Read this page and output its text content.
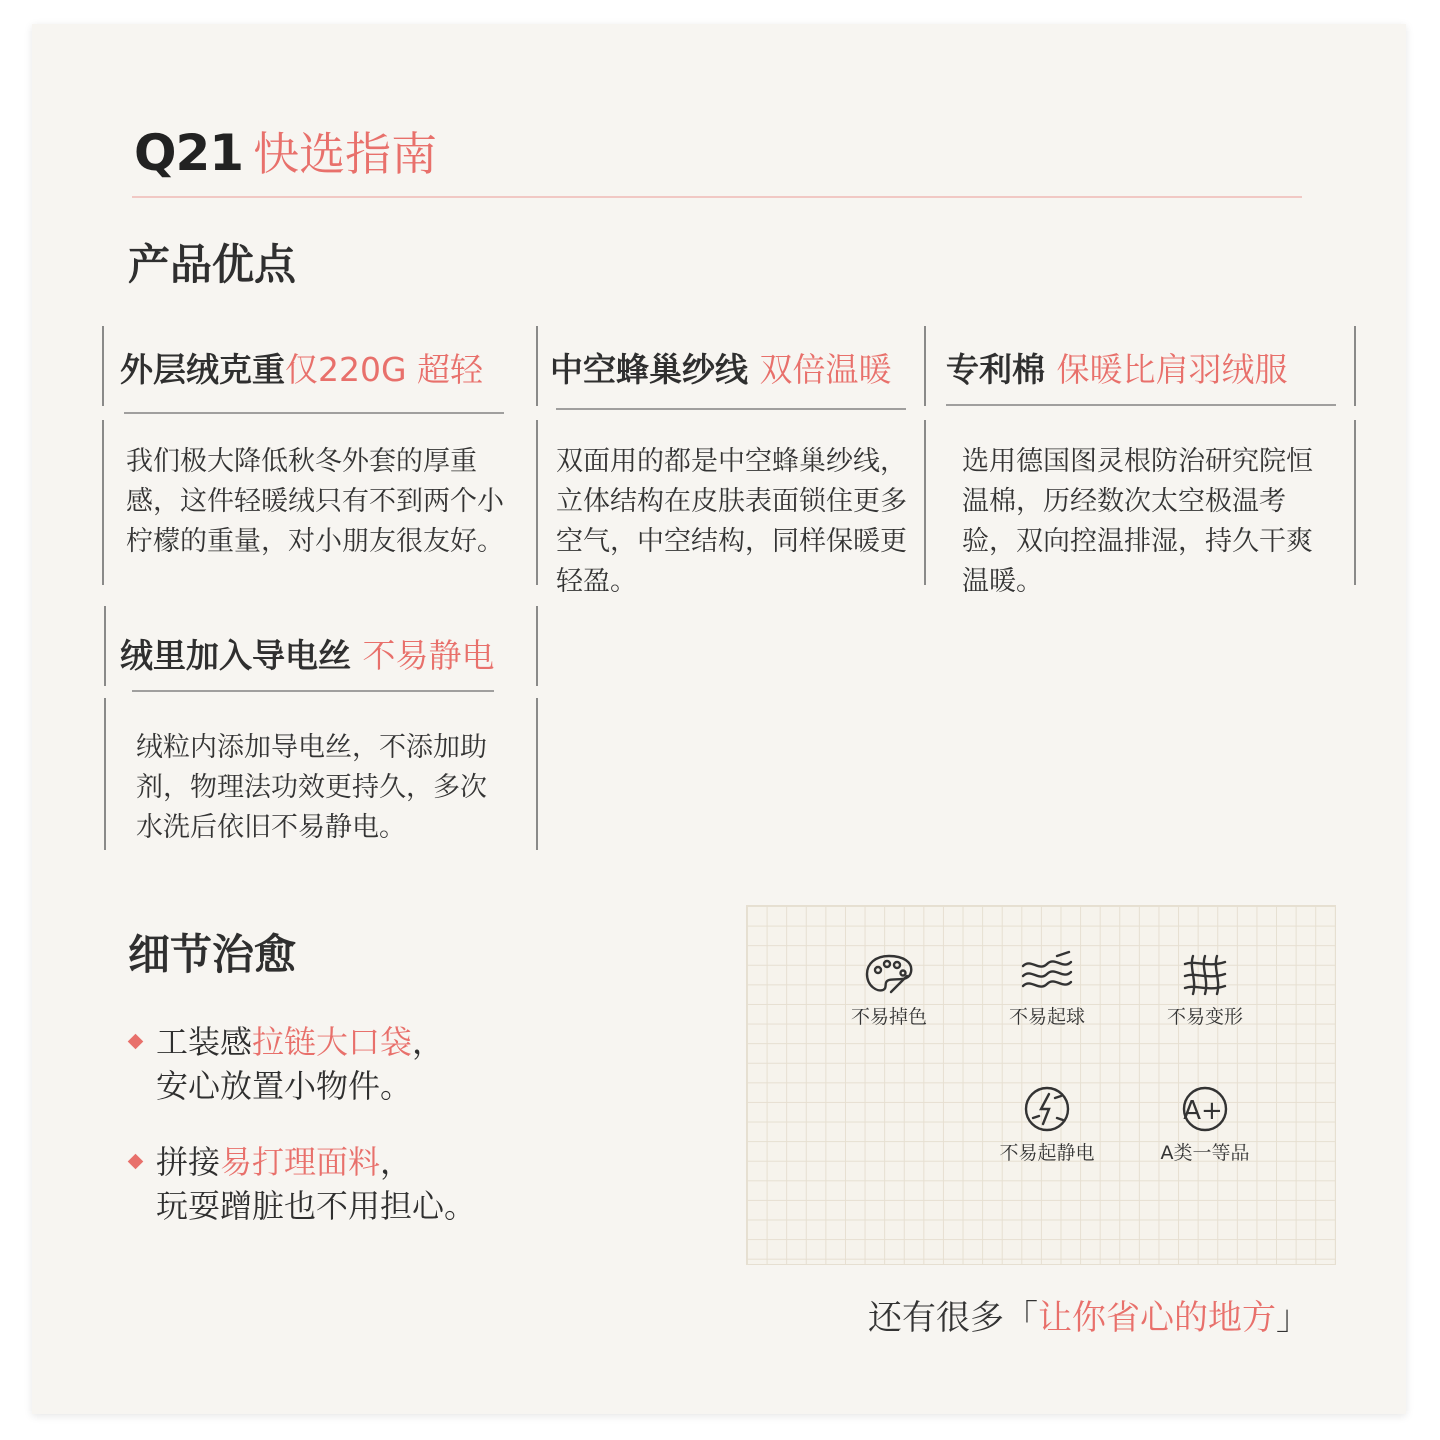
Q21 快选指南
产品优点
外层绒克重仅220G 超轻
我们极大降低秋冬外套的厚重感，这件轻暖绒只有不到两个小柠檬的重量，对小朋友很友好。
中空蜂巢纱线 双倍温暖
双面用的都是中空蜂巢纱线，立体结构在皮肤表面锁住更多空气，中空结构，同样保暖更轻盈。
专利棉 保暖比肩羽绒服
选用德国图灵根防治研究院恒温棉，历经数次太空极温考验，双向控温排湿，持久干爽温暖。
绒里加入导电丝 不易静电
绒粒内添加导电丝，不添加助剂，物理法功效更持久，多次水洗后依旧不易静电。
细节治愈
工装感拉链大口袋，
安心放置小物件。
拼接易打理面料，
玩耍蹭脏也不用担心。
不易掉色	不易起球	不易变形
不易起静电
A+
A类一等品
还有很多「让你省心的地方」
